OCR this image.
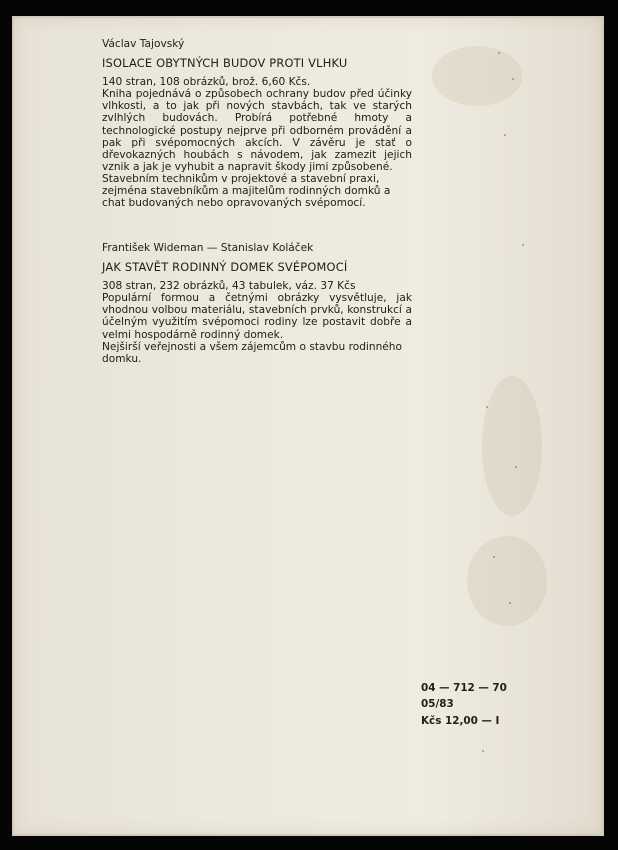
Václav Tajovský

ISOLACE OBYTNÝCH BUDOV PROTI VLHKU

140 stran, 108 obrázků, brož. 6,60 Kčs.

Kniha pojednává o způsobech ochrany budov před účinky vlhkosti, a to jak při nových stavbách, tak ve starých zvlhlých budovách. Probírá potřebné hmoty a technologické postupy nejprve při odborném provádění a pak při svépomocných akcích. V závěru je stať o dřevokazných houbách s návodem, jak zamezit jejich vznik a jak je vyhubit a napravit škody jimi způsobené.

Stavebním technikům v projektové a stavební praxi, zejména stavebníkům a majitelům rodinných domků a chat budovaných nebo opravovaných svépomocí.

František Wideman — Stanislav Koláček

JAK STAVĚT RODINNÝ DOMEK SVÉPOMOCÍ

308 stran, 232 obrázků, 43 tabulek, váz. 37 Kčs

Populární formou a četnými obrázky vysvětluje, jak vhodnou volbou materiálu, stavebních prvků, konstrukcí a účelným využitím svépomoci rodiny lze postavit dobře a velmi hospodárně rodinný domek.

Nejširší veřejnosti a všem zájemcům o stavbu rodinného domku.

04 — 712 — 70
05/83
Kčs 12,00 — I
